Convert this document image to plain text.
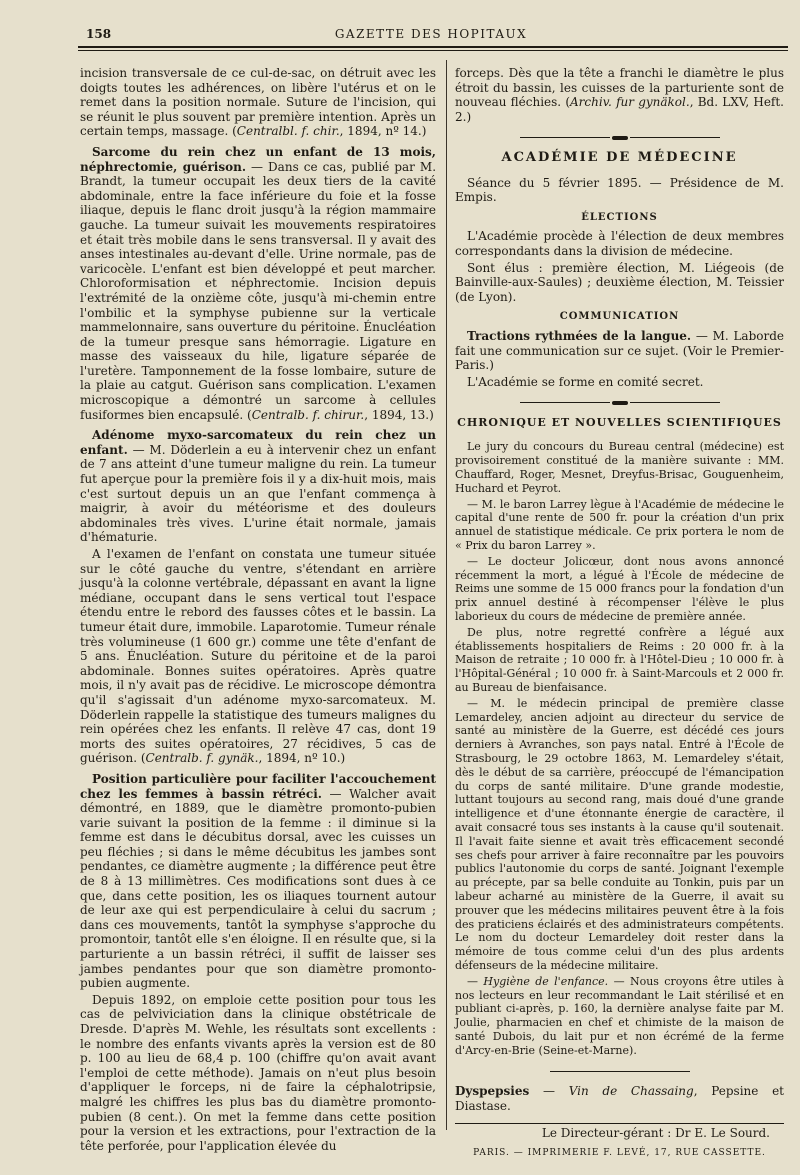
158	GAZETTE DES HOPITAUX

incision transversale de ce cul-de-sac, on détruit avec les doigts toutes les adhérences, on libère l'utérus et on le remet dans la position normale. Suture de l'incision, qui se réunit le plus souvent par première intention. Après un certain temps, massage. (Centralbl. f. chir., 1894, nº 14.)

Sarcome du rein chez un enfant de 13 mois, néphrectomie, guérison. — Dans ce cas, publié par M. Brandt, la tumeur occupait les deux tiers de la cavité abdominale, entre la face inférieure du foie et la fosse iliaque, depuis le flanc droit jusqu'à la région mammaire gauche. La tumeur suivait les mouvements respiratoires et était très mobile dans le sens transversal. Il y avait des anses intestinales au-devant d'elle. Urine normale, pas de varicocèle. L'enfant est bien développé et peut marcher. Chloroformisation et néphrectomie. Incision depuis l'extrémité de la onzième côte, jusqu'à mi-chemin entre l'ombilic et la symphyse pubienne sur la verticale mammelonnaire, sans ouverture du péritoine. Énucléation de la tumeur presque sans hémorragie. Ligature en masse des vaisseaux du hile, ligature séparée de l'uretère. Tamponnement de la fosse lombaire, suture de la plaie au catgut. Guérison sans complication. L'examen microscopique a démontré un sarcome à cellules fusiformes bien encapsulé. (Centralb. f. chirur., 1894, 13.)

Adénome myxo-sarcomateux du rein chez un enfant. — M. Döderlein a eu à intervenir chez un enfant de 7 ans atteint d'une tumeur maligne du rein. La tumeur fut aperçue pour la première fois il y a dix-huit mois, mais c'est surtout depuis un an que l'enfant commença à maigrir, à avoir du météorisme et des douleurs abdominales très vives. L'urine était normale, jamais d'hématurie.

A l'examen de l'enfant on constata une tumeur située sur le côté gauche du ventre, s'étendant en arrière jusqu'à la colonne vertébrale, dépassant en avant la ligne médiane, occupant dans le sens vertical tout l'espace étendu entre le rebord des fausses côtes et le bassin. La tumeur était dure, immobile. Laparotomie. Tumeur rénale très volumineuse (1 600 gr.) comme une tête d'enfant de 5 ans. Énucléation. Suture du péritoine et de la paroi abdominale. Bonnes suites opératoires. Après quatre mois, il n'y avait pas de récidive. Le microscope démontra qu'il s'agissait d'un adénome myxo-sarcomateux. M. Döderlein rappelle la statistique des tumeurs malignes du rein opérées chez les enfants. Il relève 47 cas, dont 19 morts des suites opératoires, 27 récidives, 5 cas de guérison. (Centralb. f. gynäk., 1894, nº 10.)

Position particulière pour faciliter l'accouchement chez les femmes à bassin rétréci. — Walcher avait démontré, en 1889, que le diamètre promonto-pubien varie suivant la position de la femme : il diminue si la femme est dans le décubitus dorsal, avec les cuisses un peu fléchies ; si dans le même décubitus les jambes sont pendantes, ce diamètre augmente ; la différence peut être de 8 à 13 millimètres. Ces modifications sont dues à ce que, dans cette position, les os iliaques tournent autour de leur axe qui est perpendiculaire à celui du sacrum ; dans ces mouvements, tantôt la symphyse s'approche du promontoir, tantôt elle s'en éloigne. Il en résulte que, si la parturiente a un bassin rétréci, il suffit de laisser ses jambes pendantes pour que son diamètre promonto-pubien augmente.

Depuis 1892, on emploie cette position pour tous les cas de pelviviciation dans la clinique obstétricale de Dresde. D'après M. Wehle, les résultats sont excellents : le nombre des enfants vivants après la version est de 80 p. 100 au lieu de 68,4 p. 100 (chiffre qu'on avait avant l'emploi de cette méthode). Jamais on n'eut plus besoin d'appliquer le forceps, ni de faire la céphalotripsie, malgré les chiffres les plus bas du diamètre promonto-pubien (8 cent.). On met la femme dans cette position pour la version et les extractions, pour l'extraction de la tête perforée, pour l'application élevée du

forceps. Dès que la tête a franchi le diamètre le plus étroit du bassin, les cuisses de la parturiente sont de nouveau fléchies. (Archiv. fur gynäkol., Bd. LXV, Heft. 2.)

ACADÉMIE DE MÉDECINE

Séance du 5 février 1895. — Présidence de M. Empis.

ÉLECTIONS

L'Académie procède à l'élection de deux membres correspondants dans la division de médecine.

Sont élus : première élection, M. Liégeois (de Bainville-aux-Saules) ; deuxième élection, M. Teissier (de Lyon).

COMMUNICATION

Tractions rythmées de la langue. — M. Laborde fait une communication sur ce sujet. (Voir le Premier-Paris.)

L'Académie se forme en comité secret.

CHRONIQUE ET NOUVELLES SCIENTIFIQUES

Le jury du concours du Bureau central (médecine) est provisoirement constitué de la manière suivante : MM. Chauffard, Roger, Mesnet, Dreyfus-Brisac, Gouguenheim, Huchard et Peyrot.

— M. le baron Larrey lègue à l'Académie de médecine le capital d'une rente de 500 fr. pour la création d'un prix annuel de statistique médicale. Ce prix portera le nom de « Prix du baron Larrey ».

— Le docteur Jolicœur, dont nous avons annoncé récemment la mort, a légué à l'École de médecine de Reims une somme de 15 000 francs pour la fondation d'un prix annuel destiné à récompenser l'élève le plus laborieux du cours de médecine de première année.

De plus, notre regretté confrère a légué aux établissements hospitaliers de Reims : 20 000 fr. à la Maison de retraite ; 10 000 fr. à l'Hôtel-Dieu ; 10 000 fr. à l'Hôpital-Général ; 10 000 fr. à Saint-Marcouls et 2 000 fr. au Bureau de bienfaisance.

— M. le médecin principal de première classe Lemardeley, ancien adjoint au directeur du service de santé au ministère de la Guerre, est décédé ces jours derniers à Avranches, son pays natal. Entré à l'École de Strasbourg, le 29 octobre 1863, M. Lemardeley s'était, dès le début de sa carrière, préoccupé de l'émancipation du corps de santé militaire. D'une grande modestie, luttant toujours au second rang, mais doué d'une grande intelligence et d'une étonnante énergie de caractère, il avait consacré tous ses instants à la cause qu'il soutenait. Il l'avait faite sienne et avait très efficacement secondé ses chefs pour arriver à faire reconnaître par les pouvoirs publics l'autonomie du corps de santé. Joignant l'exemple au précepte, par sa belle conduite au Tonkin, puis par un labeur acharné au ministère de la Guerre, il avait su prouver que les médecins militaires peuvent être à la fois des praticiens éclairés et des administrateurs compétents. Le nom du docteur Lemardeley doit rester dans la mémoire de tous comme celui d'un des plus ardents défenseurs de la médecine militaire.

— Hygiène de l'enfance. — Nous croyons être utiles à nos lecteurs en leur recommandant le Lait stérilisé et en publiant ci-après, p. 160, la dernière analyse faite par M. Joulie, pharmacien en chef et chimiste de la maison de santé Dubois, du lait pur et non écrémé de la ferme d'Arcy-en-Brie (Seine-et-Marne).

Dyspepsies — Vin de Chassaing, Pepsine et Diastase.

Le Directeur-gérant : Dr E. Le Sourd.
PARIS. — IMPRIMERIE F. LEVÉ, 17, RUE CASSETTE.
